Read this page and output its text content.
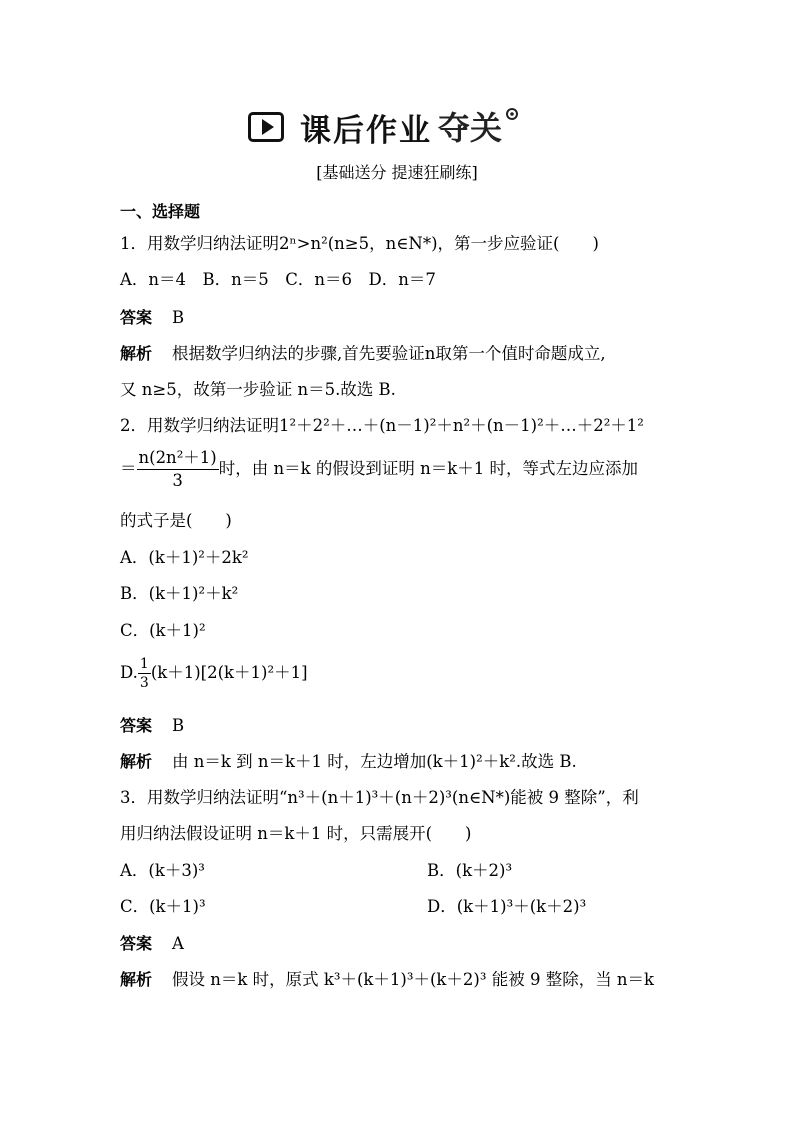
课后作业 夺关
[基础送分 提速狂刷练]
一、选择题
1．用数学归纳法证明2ⁿ>n²(n≥5，n∈N*)，第一步应验证(　　)
A．n＝4　B．n＝5　C．n＝6　D．n＝7
答案 B
解析 根据数学归纳法的步骤,首先要验证n取第一个值时命题成立,
又 n≥5，故第一步验证 n＝5.故选 B.
2．用数学归纳法证明1²＋2²＋…＋(n－1)²＋n²＋(n－1)²＋…＋2²＋1²
＝ $\frac{\text{n(2n²＋1)}}{3}$ 时，由 n＝k 的假设到证明 n＝k＋1 时，等式左边应添加
的式子是(　　)
A．(k＋1)²＋2k²
B．(k＋1)²＋k²
C．(k＋1)²
D. $\frac{1}{3} (k+1)[2(k+1)^2+1]$
答案 B
解析 由 n＝k 到 n＝k＋1 时，左边增加(k＋1)²＋k².故选 B.
3．用数学归纳法证明“n³＋(n＋1)³＋(n＋2)³(n∈N*)能被 9 整除”，利
用归纳法假设证明 n＝k＋1 时，只需展开(　　)
A．(k＋3)³	B．(k＋2)³
C．(k＋1)³	D．(k＋1)³＋(k＋2)³
答案 A
解析 假设 n＝k 时，原式 k³＋(k＋1)³＋(k＋2)³ 能被 9 整除，当 n＝k
